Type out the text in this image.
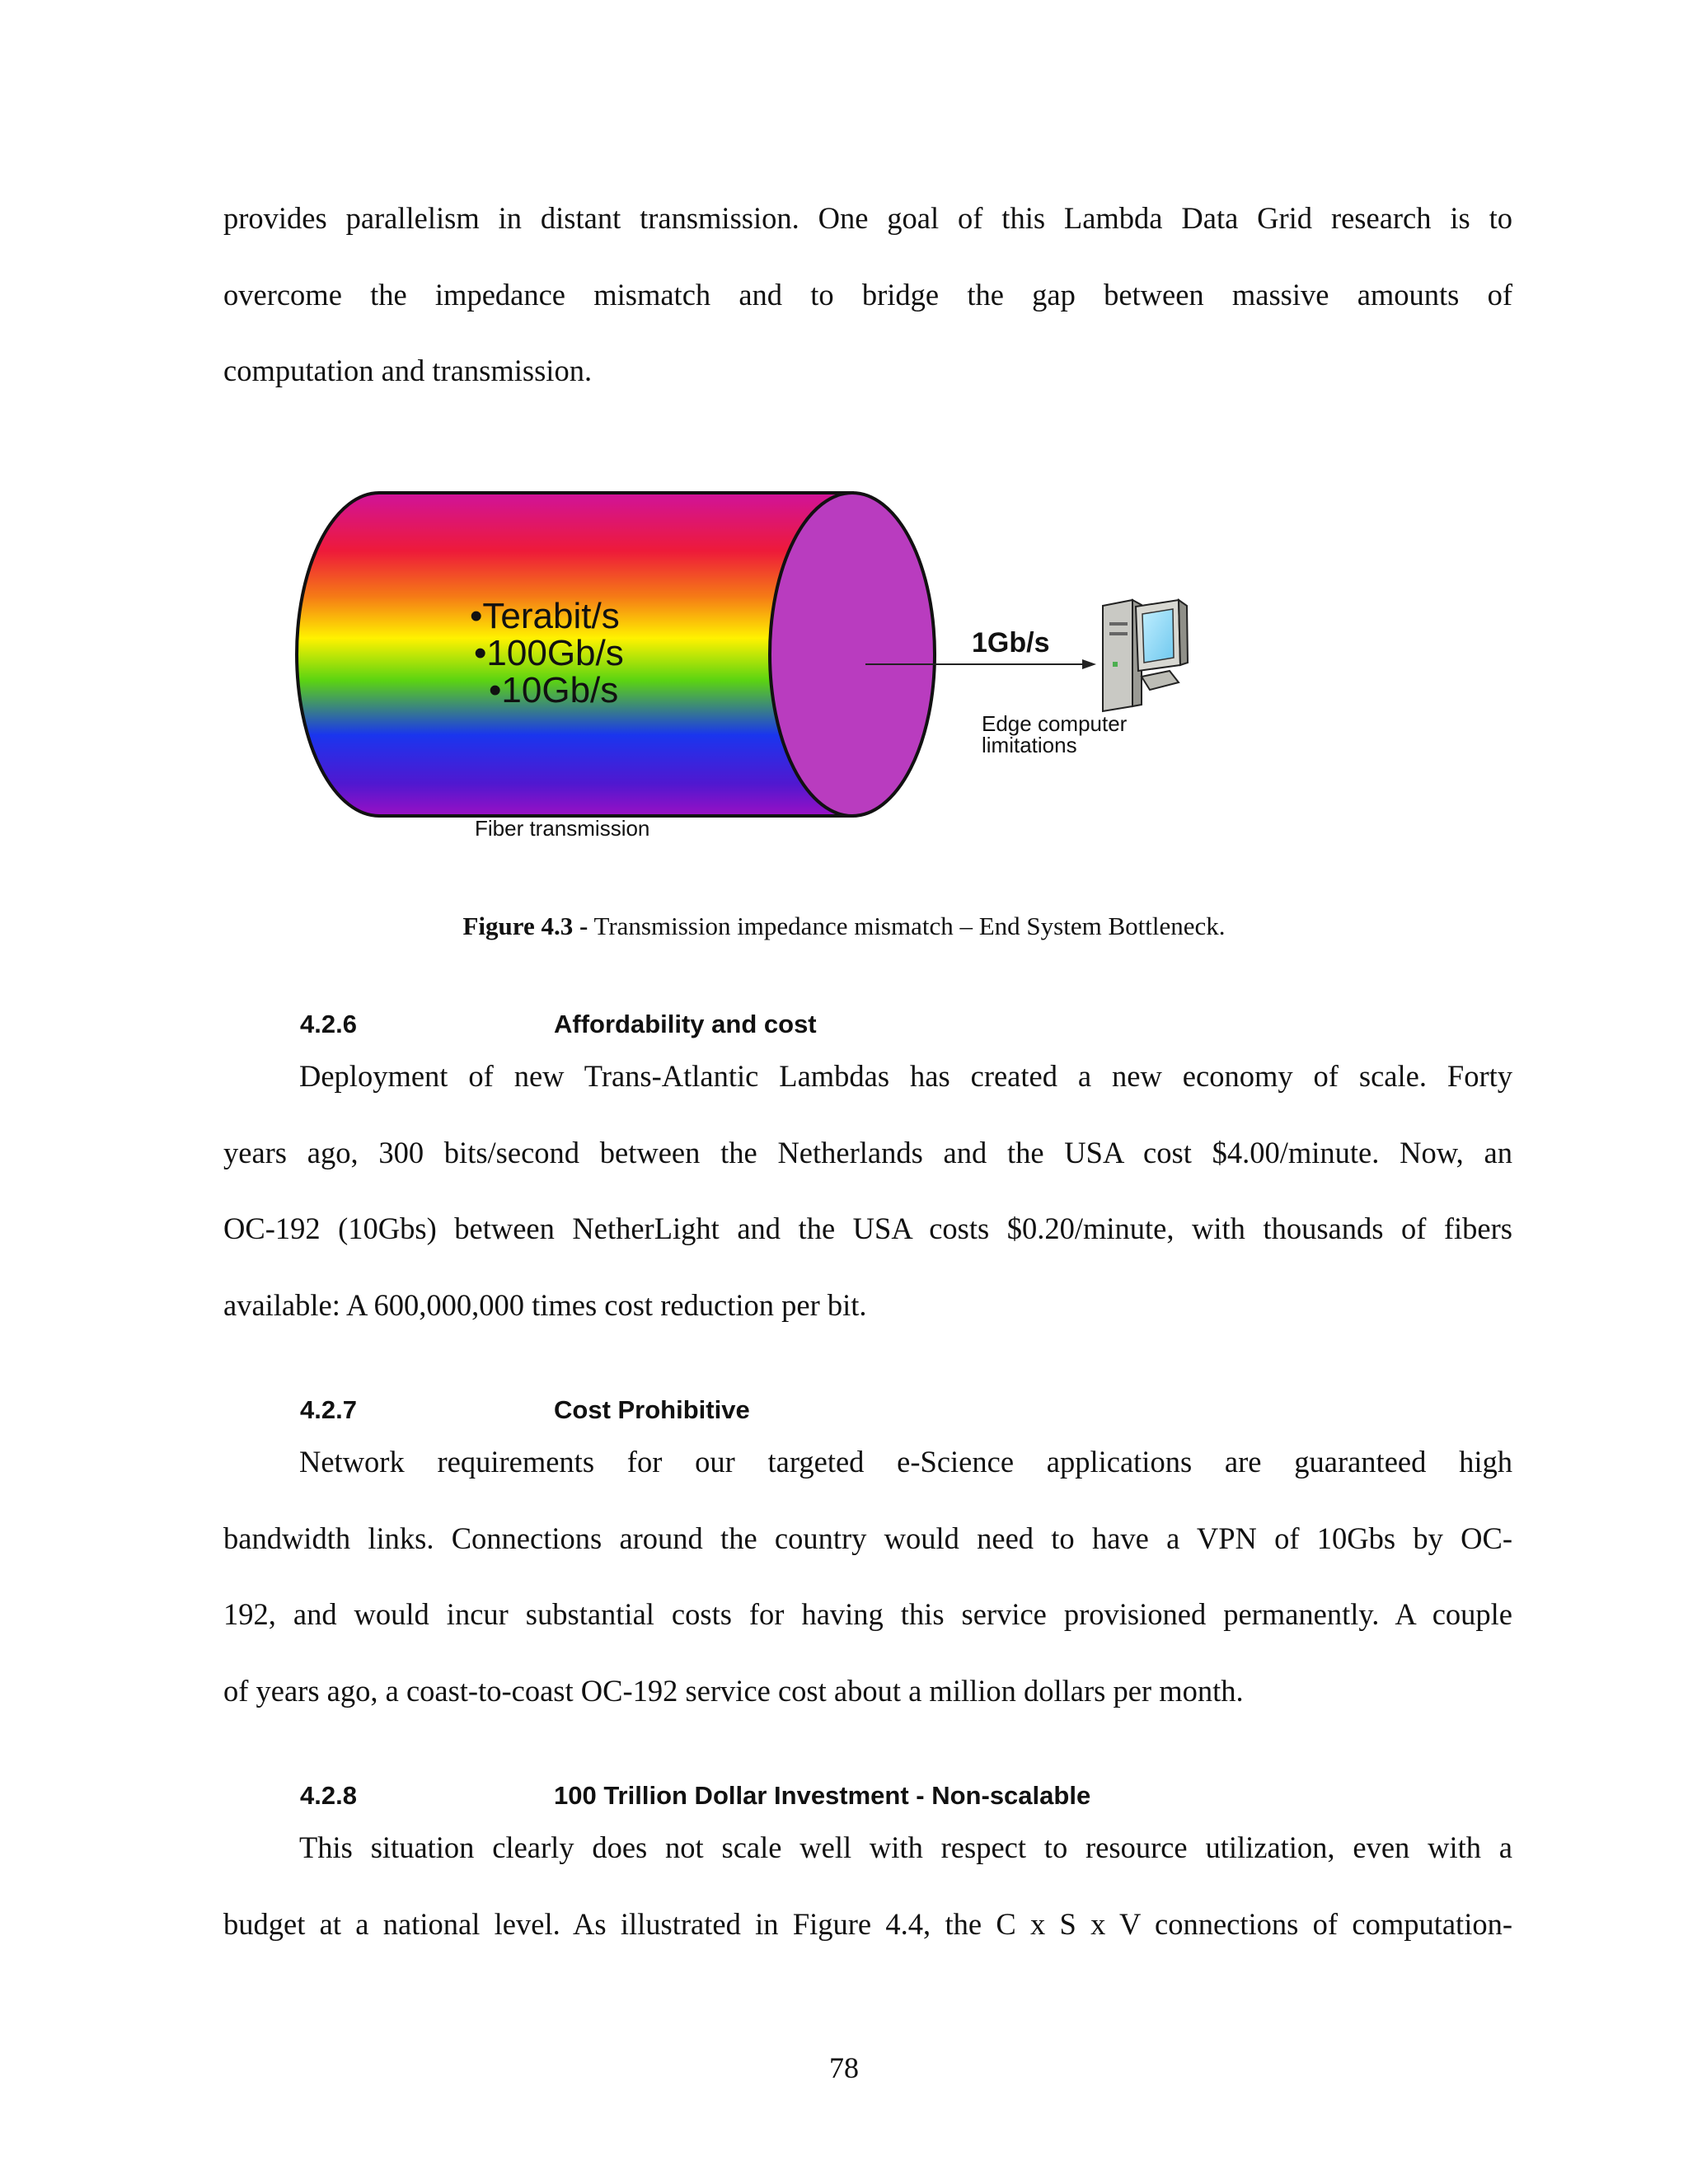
provides parallelism in distant transmission. One goal of this Lambda Data Grid research is to
overcome the impedance mismatch and to bridge the gap between massive amounts of
computation and transmission.
•Terabit/s
•100Gb/s
•10Gb/s
Fiber transmission
1Gb/s
Edge computer limitations
Figure 4.3 - Transmission impedance mismatch – End System Bottleneck.
4.2.6	Affordability and cost
Deployment of new Trans-Atlantic Lambdas has created a new economy of scale. Forty
years ago, 300 bits/second between the Netherlands and the USA cost $4.00/minute. Now, an
OC-192 (10Gbs) between NetherLight and the USA costs $0.20/minute, with thousands of fibers
available: A 600,000,000 times cost reduction per bit.
4.2.7	Cost Prohibitive
Network requirements for our targeted e-Science applications are guaranteed high
bandwidth links. Connections around the country would need to have a VPN of 10Gbs by OC-
192, and would incur substantial costs for having this service provisioned permanently. A couple
of years ago, a coast-to-coast OC-192 service cost about a million dollars per month.
4.2.8	100 Trillion Dollar Investment - Non-scalable
This situation clearly does not scale well with respect to resource utilization, even with a
budget at a national level. As illustrated in Figure 4.4, the C x S x V connections of computation-
78
